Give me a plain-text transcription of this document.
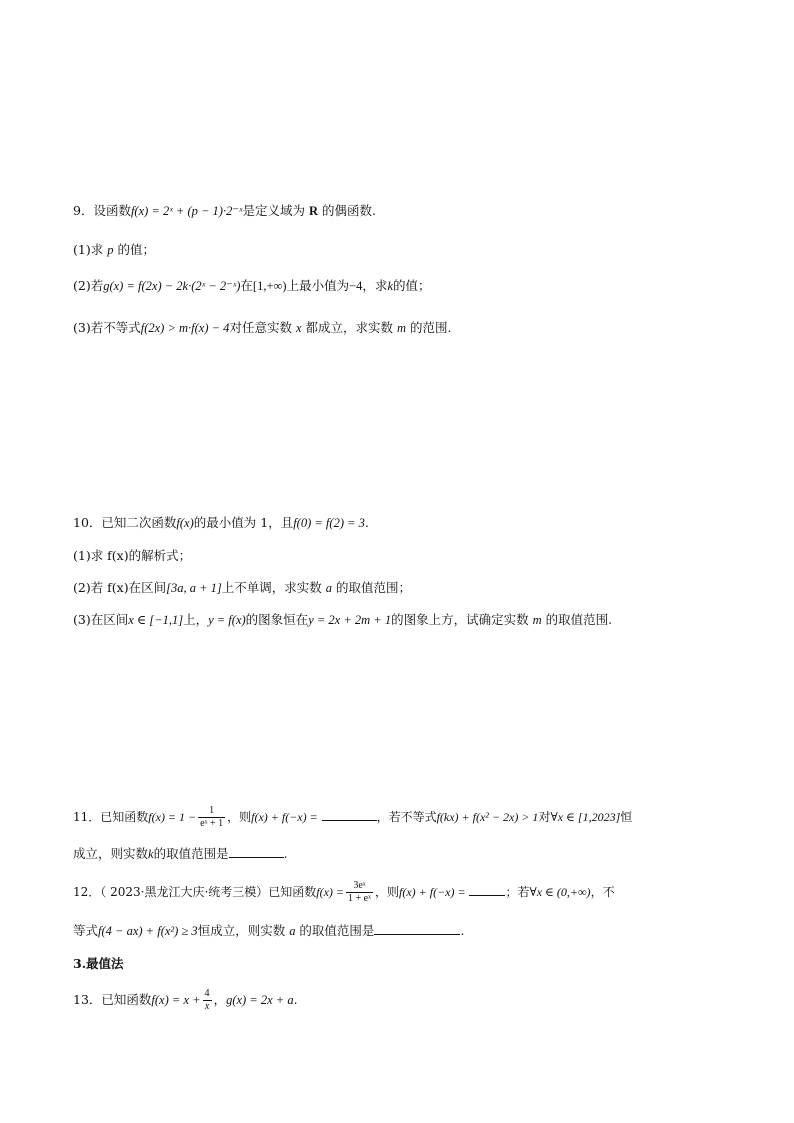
9．设函数f(x) = 2ˣ + (p − 1)·2⁻ˣ是定义域为 R 的偶函数.
(1)求 p 的值；
(2)若g(x) = f(2x) − 2k·(2ˣ − 2⁻ˣ)在[1,+∞)上最小值为−4，求k的值；
(3)若不等式f(2x) > m·f(x) − 4对任意实数 x 都成立，求实数 m 的范围.
10．已知二次函数f(x)的最小值为 1，且f(0) = f(2) = 3.
(1)求 f(x)的解析式；
(2)若 f(x)在区间[3a, a + 1]上不单调，求实数 a 的取值范围；
(3)在区间x ∈ [−1,1]上，y = f(x)的图象恒在y = 2x + 2m + 1的图象上方，试确定实数 m 的取值范围.
11．已知函数$f(x) = 1 - \frac{1}{\text{eˣ + 1}}$ ，则f(x) + f(−x) =	，若不等式f(kx) + f(x² − 2x) > 1对∀x ∈ [1,2023]恒
成立，则实数k的取值范围是	.
12．（ 2023·黑龙江大庆·统考三模）已知函数$f(x) = \frac{\text{3eˣ}}{\text{1 + eˣ}}$ ，则f(x) + f(−x) =	；若∀x ∈ (0,+∞)，不
等式f(4 − ax) + f(x²) ≥ 3恒成立，则实数 a 的取值范围是	.
3.最值法
13．已知函数$f(x) = x + \frac{4}{x}$ ，g(x) = 2x + a.
